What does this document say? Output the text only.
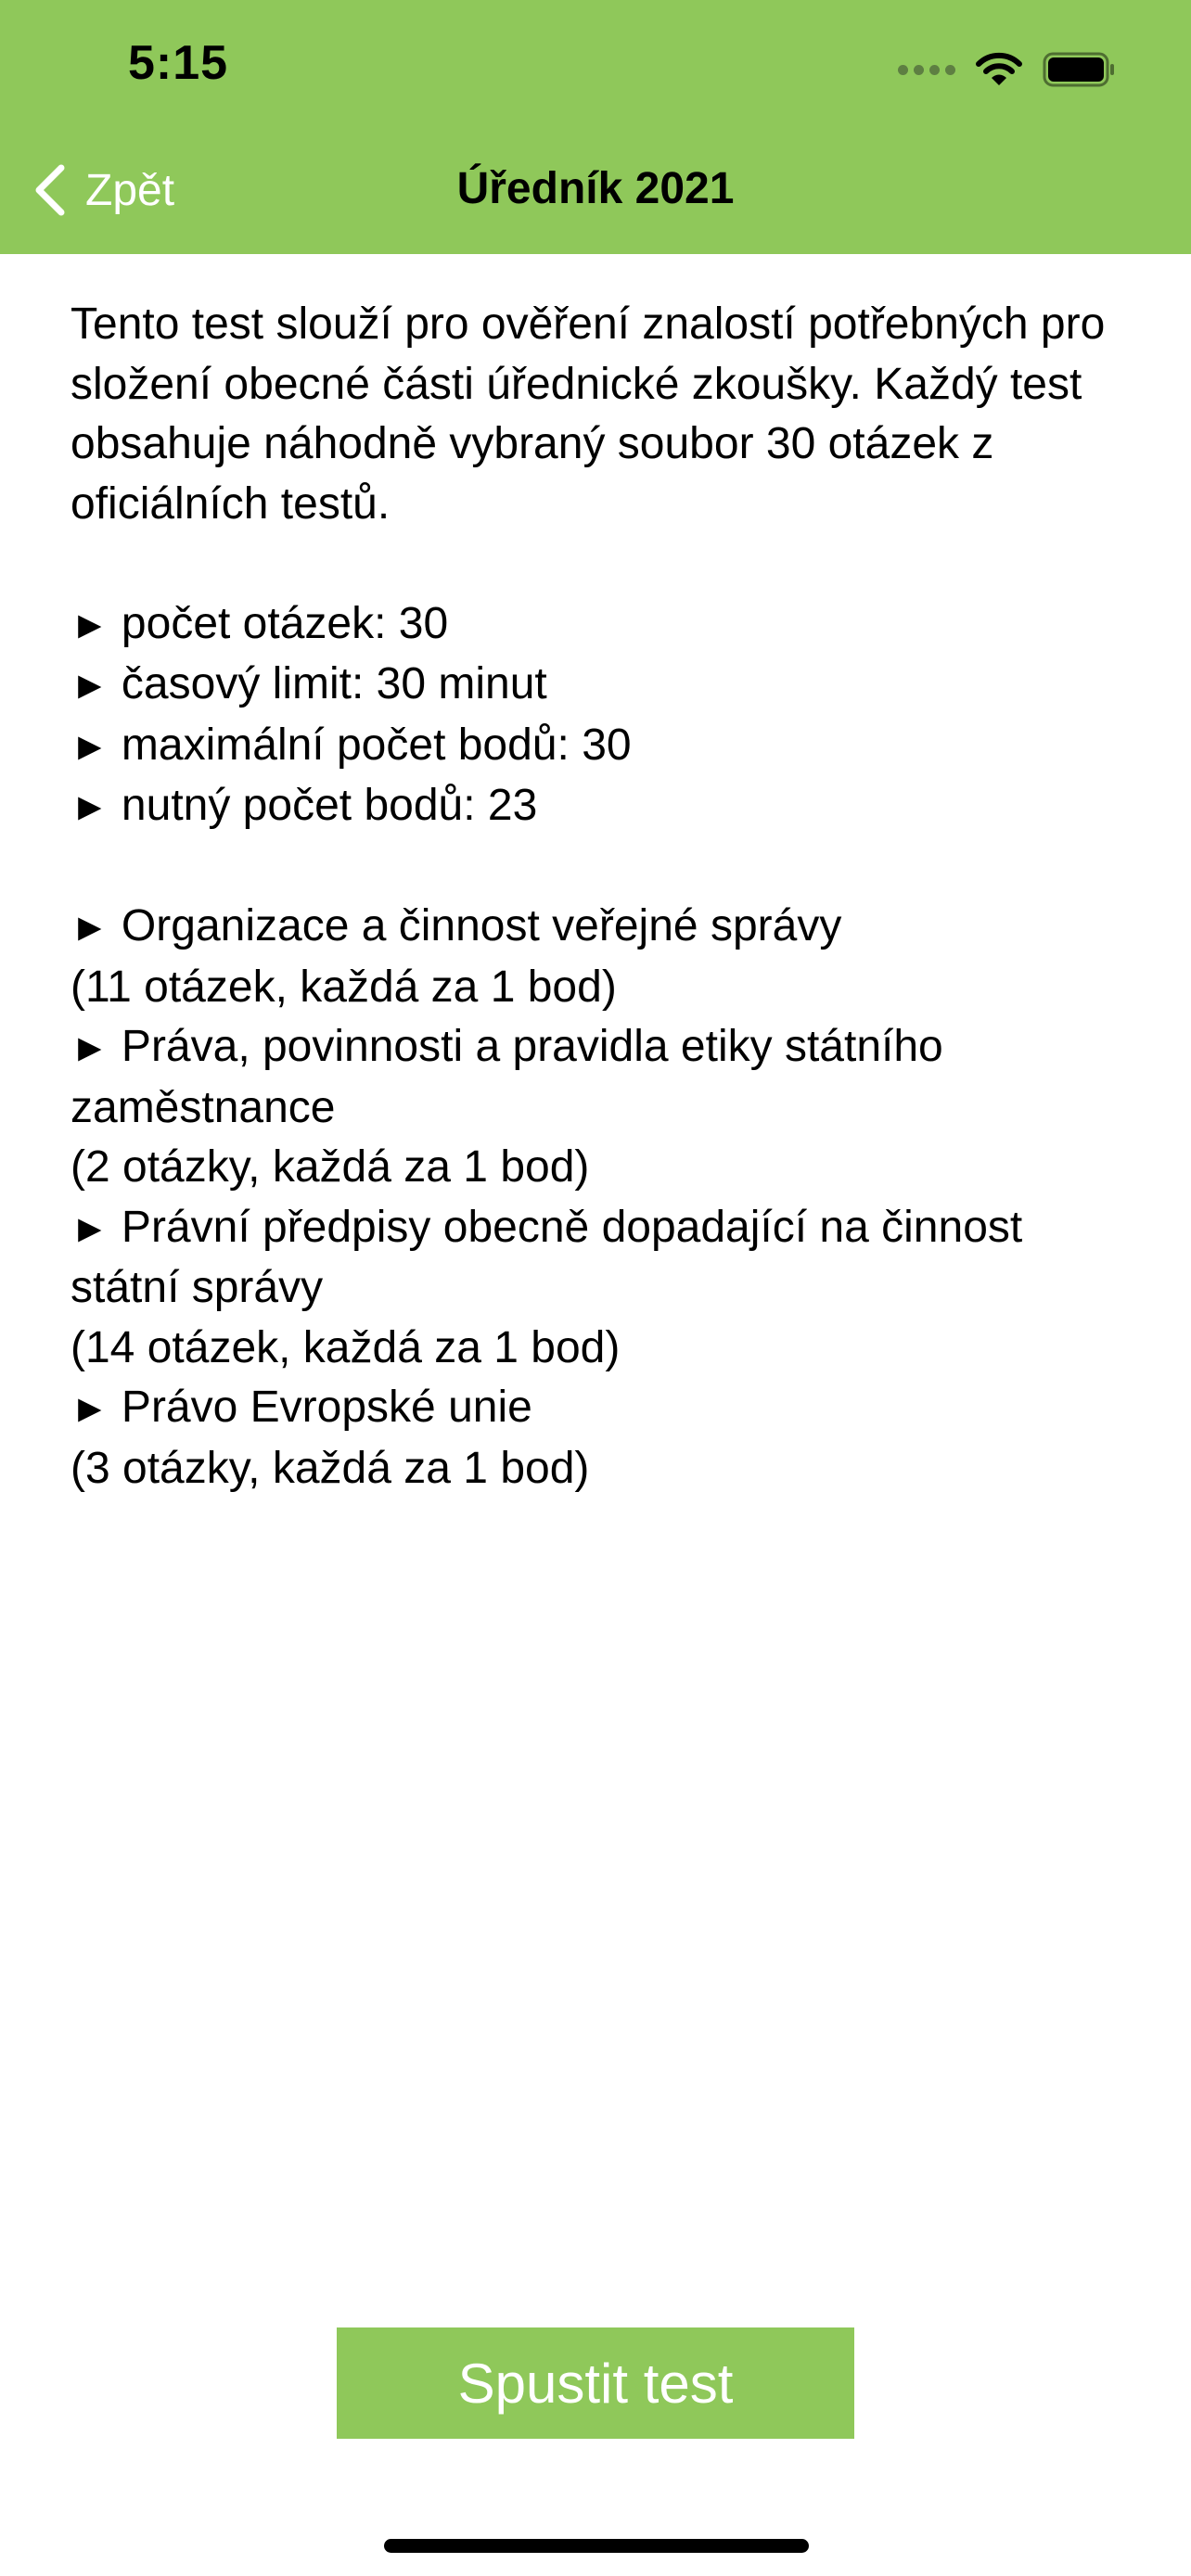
5:15
Zpět	Úředník 2021

Tento test slouží pro ověření znalostí potřebných pro složení obecné části úřednické zkoušky. Každý test obsahuje náhodně vybraný soubor 30 otázek z oficiálních testů.

► počet otázek: 30

► časový limit: 30 minut

► maximální počet bodů: 30

► nutný počet bodů: 23

► Organizace a činnost veřejné správy

(11 otázek, každá za 1 bod)

► Práva, povinnosti a pravidla etiky státního zaměstnance

(2 otázky, každá za 1 bod)

► Právní předpisy obecně dopadající na činnost státní správy

(14 otázek, každá za 1 bod)

► Právo Evropské unie

(3 otázky, každá za 1 bod)

Spustit test
